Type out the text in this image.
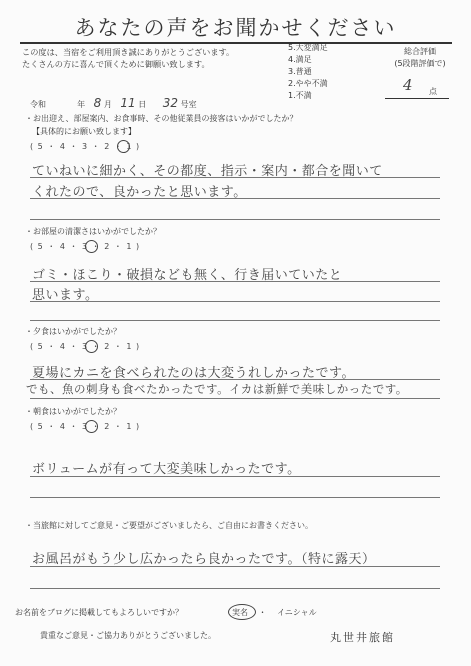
あなたの声をお聞かせください
この度は、当宿をご利用頂き誠にありがとうございます。
たくさんの方に喜んで頂くために御願い致します。
5.大変満足
4.満足
3.普通
2.やや不満
1.不満
総合評価
(5段階評価で)
4 点
令和	年 8 月 11 日 32 号室
・お出迎え、部屋案内、お食事時、その他従業員の接客はいかがでしたか？
【具体的にお願い致します】
( 5 ・ 4 ・ 3 ・ 2 ・ 1 )
ていねいに細かく、その都度、指示・案内・都合を聞いて
くれたので、良かったと思います。
・お部屋の清潔さはいかがでしたか？
( 5 ・ 4 ・ 3 ・ 2 ・ 1 )
ゴミ・ほこり・破損なども無く、行き届いていたと
思います。
・夕食はいかがでしたか？
( 5 ・ 4 ・ 3 ・ 2 ・ 1 )
夏場にカニを食べられたのは大変うれしかったです。
でも、魚の刺身も食べたかったです。イカは新鮮で美味しかったです。
・朝食はいかがでしたか？
( 5 ・ 4 ・ 3 ・ 2 ・ 1 )
ボリュームが有って大変美味しかったです。
・当旅館に対してご意見・ご要望がございましたら、ご自由にお書きください。
お風呂がもう少し広かったら良かったです。（特に露天）
お名前をブログに掲載してもよろしいですか？	実名 ・ イニシャル
貴重なご意見・ご協力ありがとうございました。	丸世井旅館
